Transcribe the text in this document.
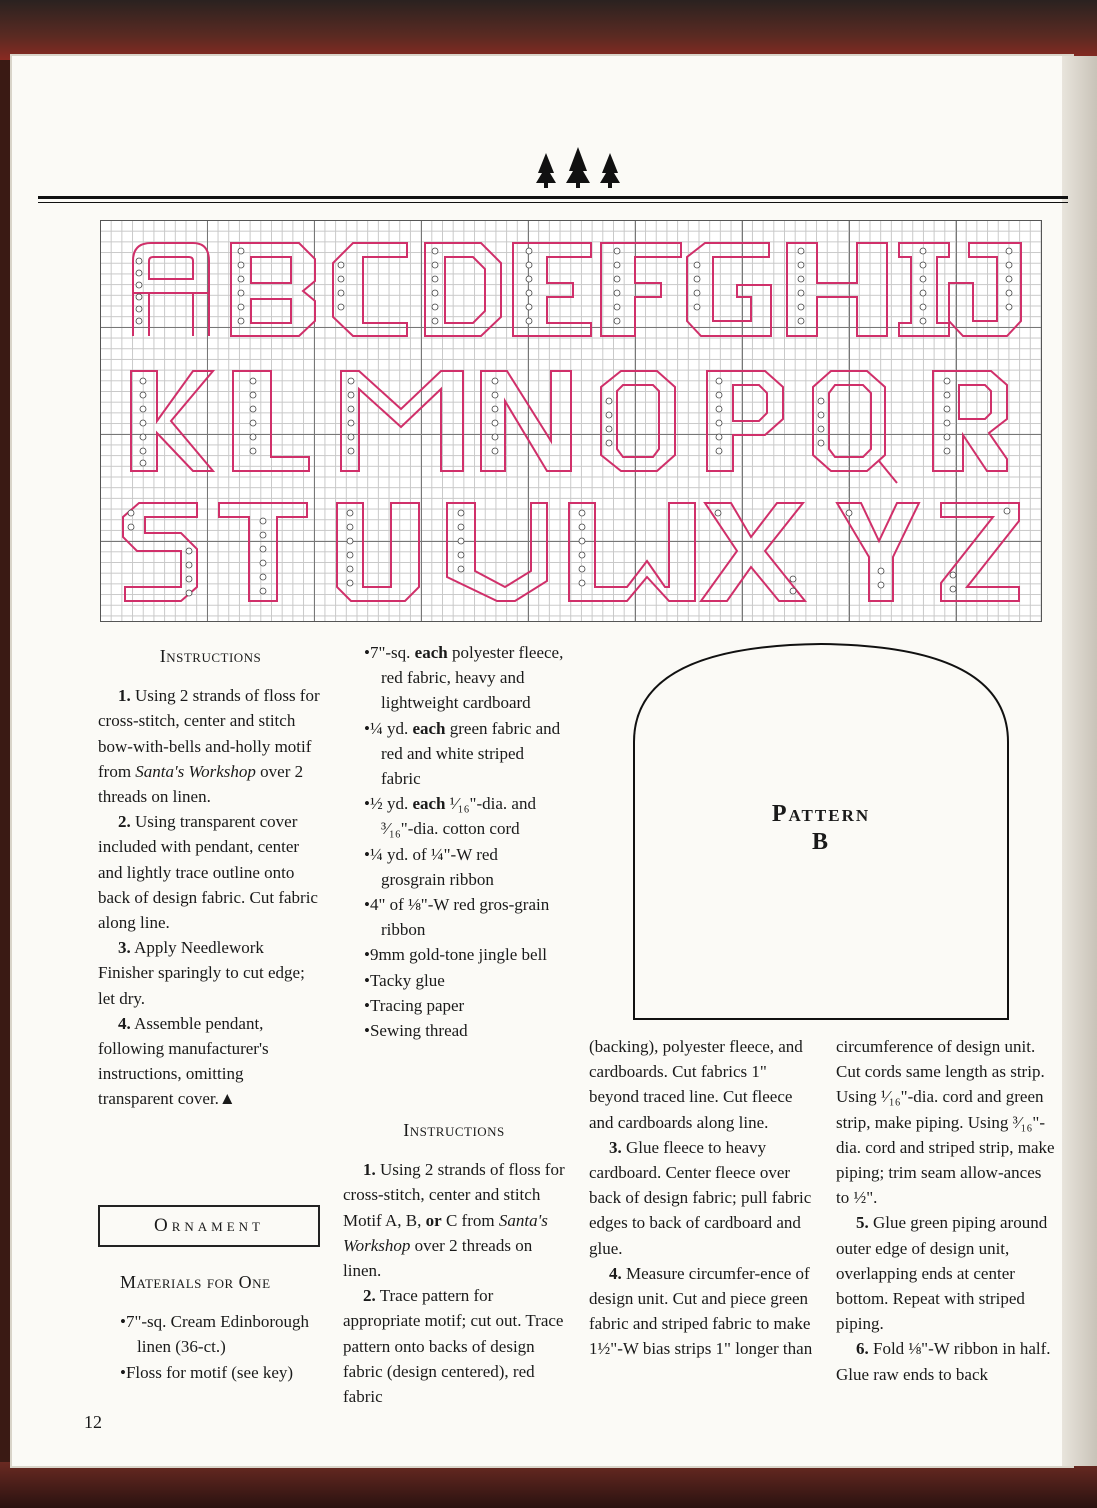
Instructions

1. Using 2 strands of floss for cross-stitch, center and stitch bow-with-bells and-holly motif from Santa's Workshop over 2 threads on linen.

2. Using transparent cover included with pendant, center and lightly trace outline onto back of design fabric. Cut fabric along line.

3. Apply Needlework Finisher sparingly to cut edge; let dry.

4. Assemble pendant, following manufacturer's instructions, omitting transparent cover.▲

Ornament
Materials for One

•7"-sq. Cream Edinborough linen (36-ct.)

•Floss for motif (see key)

•7"-sq. each polyester fleece, red fabric, heavy and lightweight cardboard

•¼ yd. each green fabric and red and white striped fabric

•½ yd. each ¹⁄₁₆"-dia. and ³⁄₁₆"-dia. cotton cord

•¼ yd. of ¼"-W red grosgrain ribbon

•4" of ⅛"-W red gros-grain ribbon

•9mm gold-tone jingle bell

•Tacky glue

•Tracing paper

•Sewing thread

Instructions

1. Using 2 strands of floss for cross-stitch, center and stitch Motif A, B, or C from Santa's Workshop over 2 threads on linen.

2. Trace pattern for appropriate motif; cut out. Trace pattern onto backs of design fabric (design centered), red fabric

Pattern
B

(backing), polyester fleece, and cardboards. Cut fabrics 1" beyond traced line. Cut fleece and cardboards along line.

3. Glue fleece to heavy cardboard. Center fleece over back of design fabric; pull fabric edges to back of cardboard and glue.

4. Measure circumfer-ence of design unit. Cut and piece green fabric and striped fabric to make 1½"-W bias strips 1" longer than

circumference of design unit. Cut cords same length as strip. Using ¹⁄₁₆"-dia. cord and green strip, make piping. Using ³⁄₁₆"-dia. cord and striped strip, make piping; trim seam allow-ances to ½".

5. Glue green piping around outer edge of design unit, overlapping ends at center bottom. Repeat with striped piping.

6. Fold ⅛"-W ribbon in half. Glue raw ends to back

12
